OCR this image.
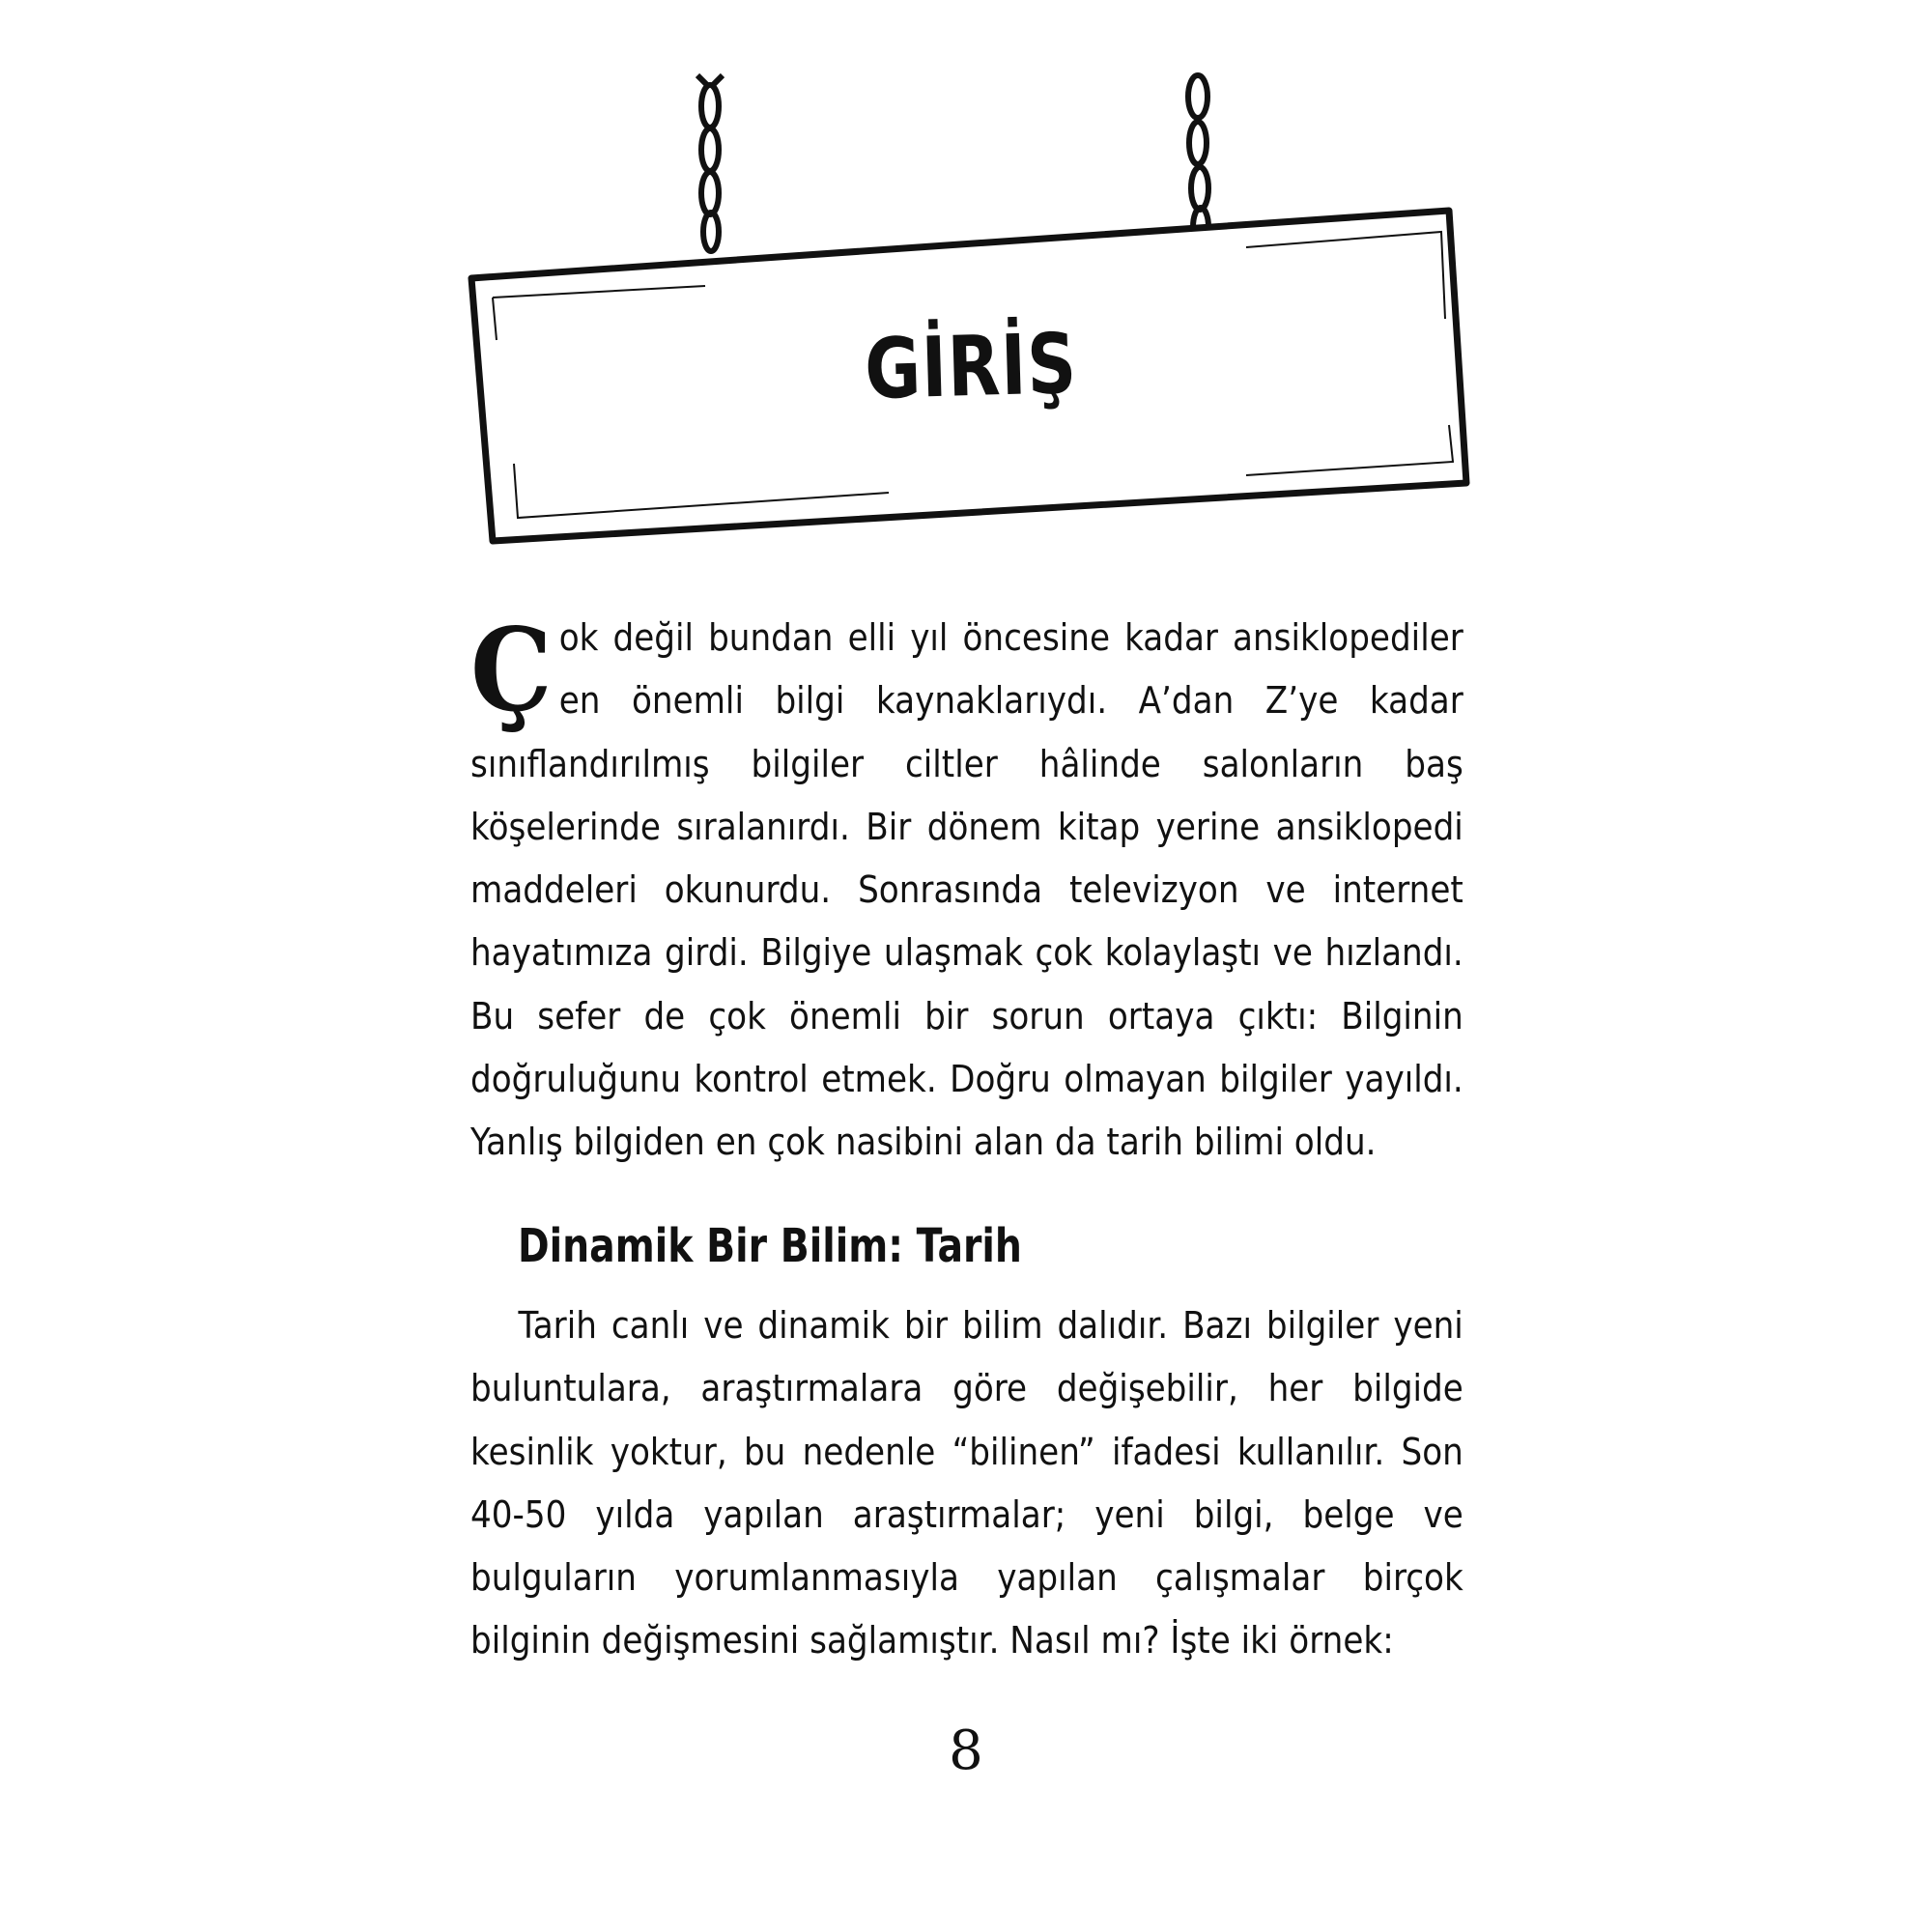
GİRİŞ
Çok değil bundan elli yıl öncesine kadar ansiklopediler en önemli bilgi kaynaklarıydı. A’dan Z’ye kadar sınıflandırılmış bilgiler ciltler hâlinde salonların baş köşelerinde sıralanırdı. Bir dönem kitap yerine ansiklopedi maddeleri okunurdu. Sonrasında televizyon ve internet hayatımıza girdi. Bilgiye ulaşmak çok kolaylaştı ve hızlandı. Bu sefer de çok önemli bir sorun ortaya çıktı: Bilginin doğruluğunu kontrol etmek. Doğru olmayan bilgiler yayıldı. Yanlış bilgiden en çok nasibini alan da tarih bilimi oldu.
Dinamik Bir Bilim: Tarih
Tarih canlı ve dinamik bir bilim dalıdır. Bazı bilgiler yeni buluntulara, araştırmalara göre değişebilir, her bilgide kesinlik yoktur, bu nedenle “bilinen” ifadesi kullanılır. Son 40-50 yılda yapılan araştırmalar; yeni bilgi, belge ve bulguların yorumlanmasıyla yapılan çalışmalar birçok bilginin değişmesini sağlamıştır. Nasıl mı? İşte iki örnek:
8
